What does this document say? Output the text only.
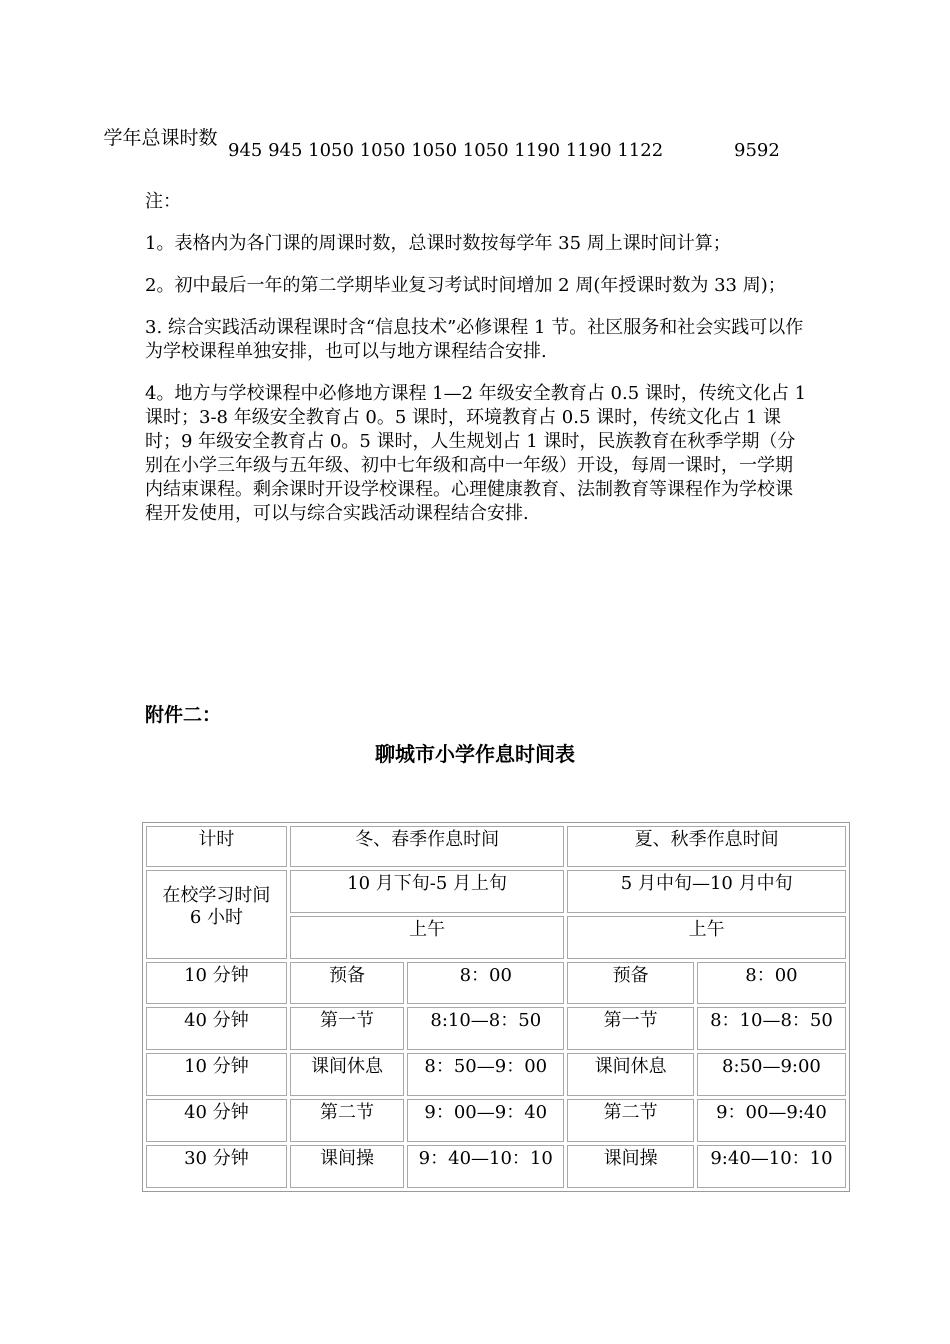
学年总课时数
945 945 1050 1050 1050 1050 1190 1190 1122	9592

注：

1。表格内为各门课的周课时数，总课时数按每学年 35 周上课时间计算；

2。初中最后一年的第二学期毕业复习考试时间增加 2 周(年授课时数为 33 周)；

3. 综合实践活动课程课时含“信息技术”必修课程 1 节。社区服务和社会实践可以作为学校课程单独安排，也可以与地方课程结合安排.

4。地方与学校课程中必修地方课程 1—2 年级安全教育占 0.5 课时，传统文化占 1 课时；3-8 年级安全教育占 0。5 课时，环境教育占 0.5 课时，传统文化占 1 课时；9 年级安全教育占 0。5 课时，人生规划占 1 课时，民族教育在秋季学期（分别在小学三年级与五年级、初中七年级和高中一年级）开设，每周一课时，一学期内结束课程。剩余课时开设学校课程。心理健康教育、法制教育等课程作为学校课程开发使用，可以与综合实践活动课程结合安排.

附件二：
聊城市小学作息时间表
计时	冬、春季作息时间		夏、秋季作息时间	

在校学习时间
6 小时	10 月下旬-5 月上旬		5 月中旬—10 月中旬	
	上午		上午	
10 分钟	预备	8：00	预备	8：00
40 分钟	第一节	8:10—8：50	第一节	8：10—8：50
10 分钟	课间休息	8：50—9：00	课间休息	8:50—9:00
40 分钟	第二节	9：00—9：40	第二节	9：00—9:40
30 分钟	课间操	9：40—10：10	课间操	9:40—10：10
